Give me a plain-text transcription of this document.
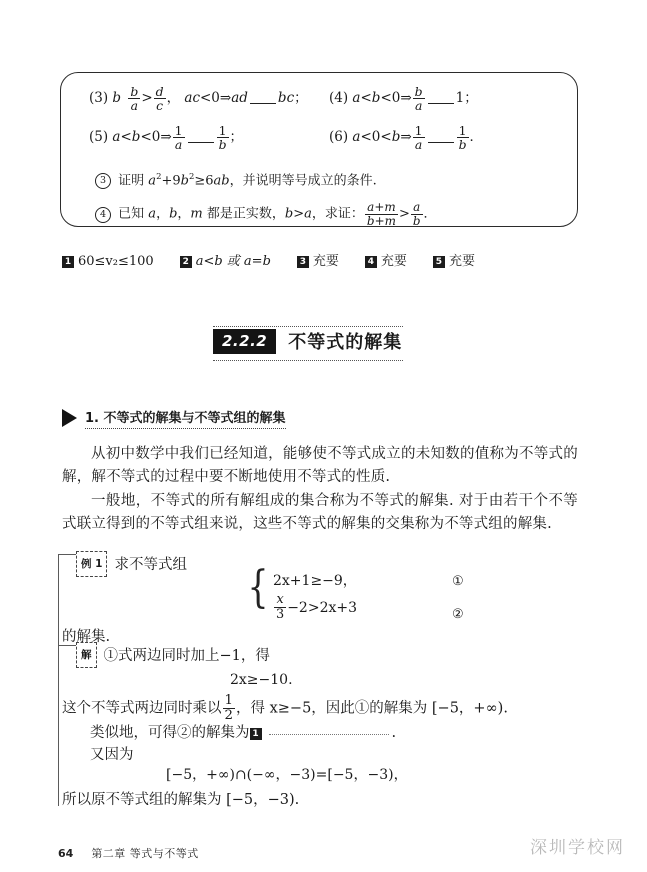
(3) b $\frac{b}{a} > \frac{d}{c}$ ， ac<0⇒ad bc；	(4) a<b<0⇒ $\frac{b}{a} 1$；
(5) a<b<0⇒ $\frac{1}{a}$	$\frac{1}{b}$ ；	(6) a<0<b⇒ $\frac{1}{a}$	$\frac{1}{b}$ ．
3 证明 $a^2+9b^2\ge 6ab$，并说明等号成立的条件.
4 已知 a，b，m 都是正实数，b>a，求证： $\frac{a+m}{b+m} > \frac{a}{b}$ ．
1 60≤v₂≤100	2 a<b 或 a=b	3 充要	4 充要	5 充要
2.2.2	不等式的解集
1. 不等式的解集与不等式组的解集
从初中数学中我们已经知道，能够使不等式成立的未知数的值称为不等式的解，解不等式的过程中要不断地使用不等式的性质.
一般地，不等式的所有解组成的集合称为不等式的解集. 对于由若干个不等式联立得到的不等式组来说，这些不等式的解集的交集称为不等式组的解集.
例 1 求不等式组 { 2x+1≥−9，
$\frac{x}{3} -2>2x+3$
①
②
的解集.
解 ①式两边同时加上−1，得
2x≥−10.
这个不等式两边同时乘以 $\frac{1}{2}$ ，得 x≥−5，因此①的解集为 [−5，+∞).
类似地，可得②的解集为 1	.
又因为
[−5，+∞)∩(−∞，−3)=[−5，−3)，
所以原不等式组的解集为 [−5，−3).
64 第二章 等式与不等式	深圳学校网
